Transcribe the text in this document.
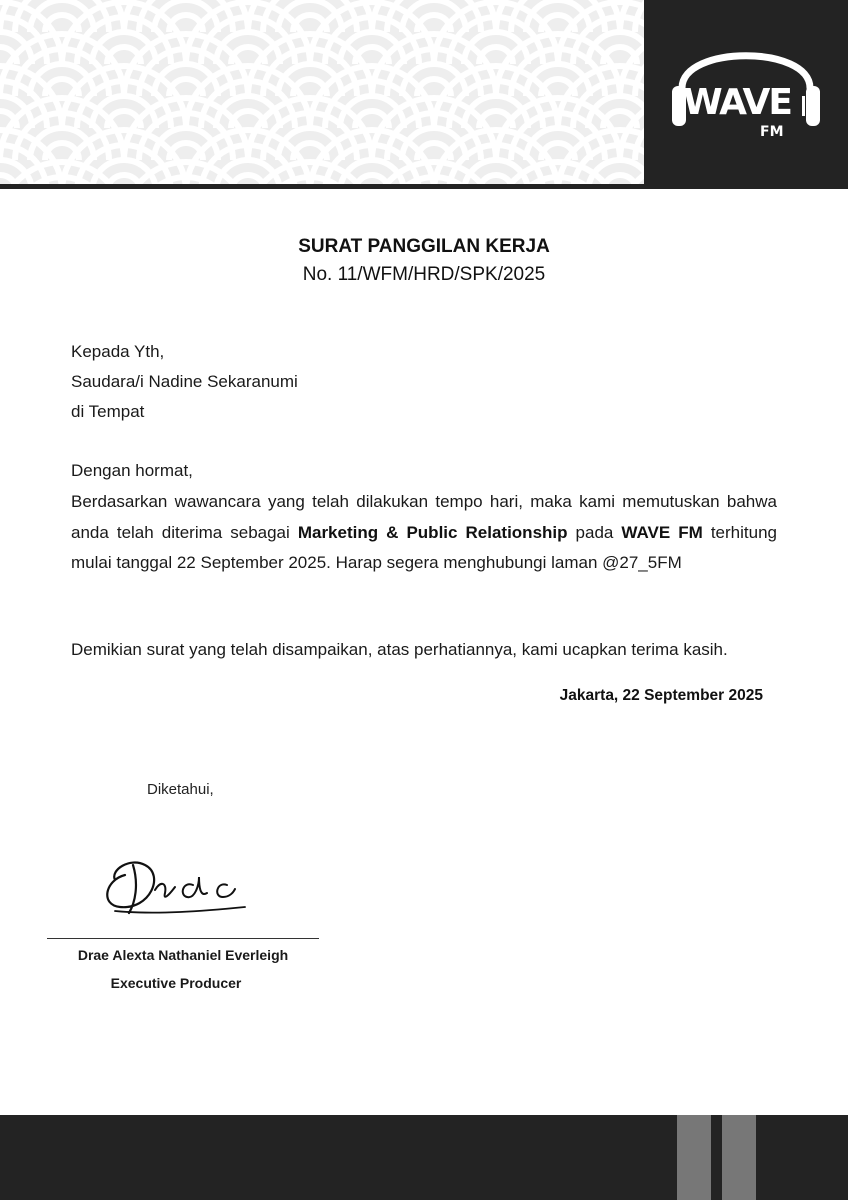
WAVE
FM
SURAT PANGGILAN KERJA
No. 11/WFM/HRD/SPK/2025
Kepada Yth,
Saudara/i Nadine Sekaranumi
di Tempat
Dengan hormat,
Berdasarkan wawancara yang telah dilakukan tempo hari, maka kami memutuskan bahwa anda telah diterima sebagai Marketing & Public Relationship pada WAVE FM terhitung mulai tanggal 22 September 2025. Harap segera menghubungi laman @27_5FM
Demikian surat yang telah disampaikan, atas perhatiannya, kami ucapkan terima kasih.
Jakarta, 22 September 2025
Diketahui,
Drae Alexta Nathaniel Everleigh
Executive Producer
